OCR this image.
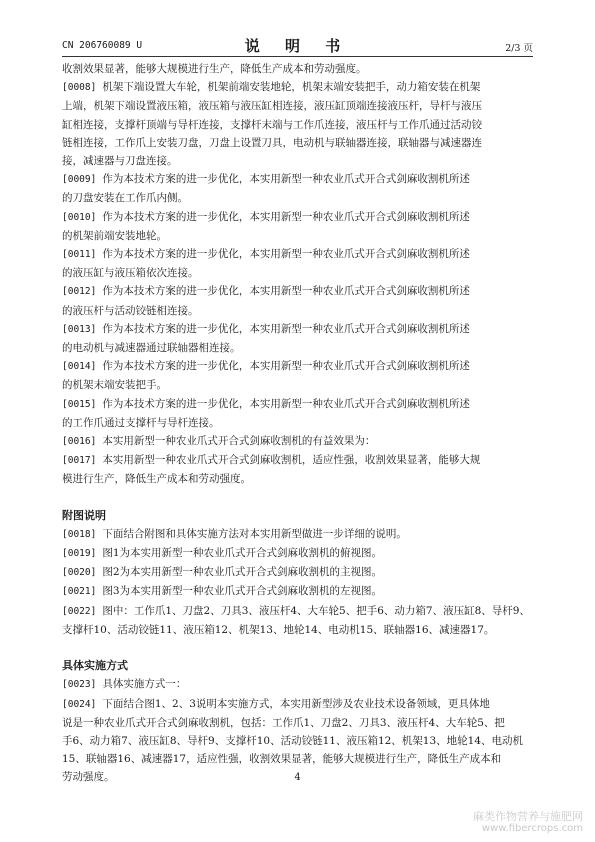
CN 206760089 U	说 明 书	2/3 页
收割效果显著，能够大规模进行生产，降低生产成本和劳动强度。
[0008] 机架下端设置大车轮，机架前端安装地轮，机架末端安装把手，动力箱安装在机架
上端，机架下端设置液压箱，液压箱与液压缸相连接，液压缸顶端连接液压杆，导杆与液压
缸相连接，支撑杆顶端与导杆连接，支撑杆末端与工作爪连接，液压杆与工作爪通过活动铰
链相连接，工作爪上安装刀盘，刀盘上设置刀具，电动机与联轴器连接，联轴器与减速器连
接，减速器与刀盘连接。
[0009] 作为本技术方案的进一步优化，本实用新型一种农业爪式开合式剑麻收割机所述
的刀盘安装在工作爪内侧。
[0010] 作为本技术方案的进一步优化，本实用新型一种农业爪式开合式剑麻收割机所述
的机架前端安装地轮。
[0011] 作为本技术方案的进一步优化，本实用新型一种农业爪式开合式剑麻收割机所述
的液压缸与液压箱依次连接。
[0012] 作为本技术方案的进一步优化，本实用新型一种农业爪式开合式剑麻收割机所述
的液压杆与活动铰链相连接。
[0013] 作为本技术方案的进一步优化，本实用新型一种农业爪式开合式剑麻收割机所述
的电动机与减速器通过联轴器相连接。
[0014] 作为本技术方案的进一步优化，本实用新型一种农业爪式开合式剑麻收割机所述
的机架末端安装把手。
[0015] 作为本技术方案的进一步优化，本实用新型一种农业爪式开合式剑麻收割机所述
的工作爪通过支撑杆与导杆连接。
[0016] 本实用新型一种农业爪式开合式剑麻收割机的有益效果为：
[0017] 本实用新型一种农业爪式开合式剑麻收割机，适应性强，收割效果显著，能够大规
模进行生产，降低生产成本和劳动强度。
附图说明
[0018] 下面结合附图和具体实施方法对本实用新型做进一步详细的说明。
[0019] 图1为本实用新型一种农业爪式开合式剑麻收割机的俯视图。
[0020] 图2为本实用新型一种农业爪式开合式剑麻收割机的主视图。
[0021] 图3为本实用新型一种农业爪式开合式剑麻收割机的左视图。
[0022] 图中：工作爪1、刀盘2、刀具3、液压杆4、大车轮5、把手6、动力箱7、液压缸8、导杆9、
支撑杆10、活动铰链11、液压箱12、机架13、地轮14、电动机15、联轴器16、减速器17。
具体实施方式
[0023] 具体实施方式一：
[0024] 下面结合图1、2、3说明本实施方式，本实用新型涉及农业技术设备领域，更具体地
说是一种农业爪式开合式剑麻收割机，包括：工作爪1、刀盘2、刀具3、液压杆4、大车轮5、把
手6、动力箱7、液压缸8、导杆9、支撑杆10、活动铰链11、液压箱12、机架13、地轮14、电动机
15、联轴器16、减速器17，适应性强，收割效果显著，能够大规模进行生产，降低生产成本和
劳动强度。	4
麻类作物营养与施肥网
www.fibercrops.com
